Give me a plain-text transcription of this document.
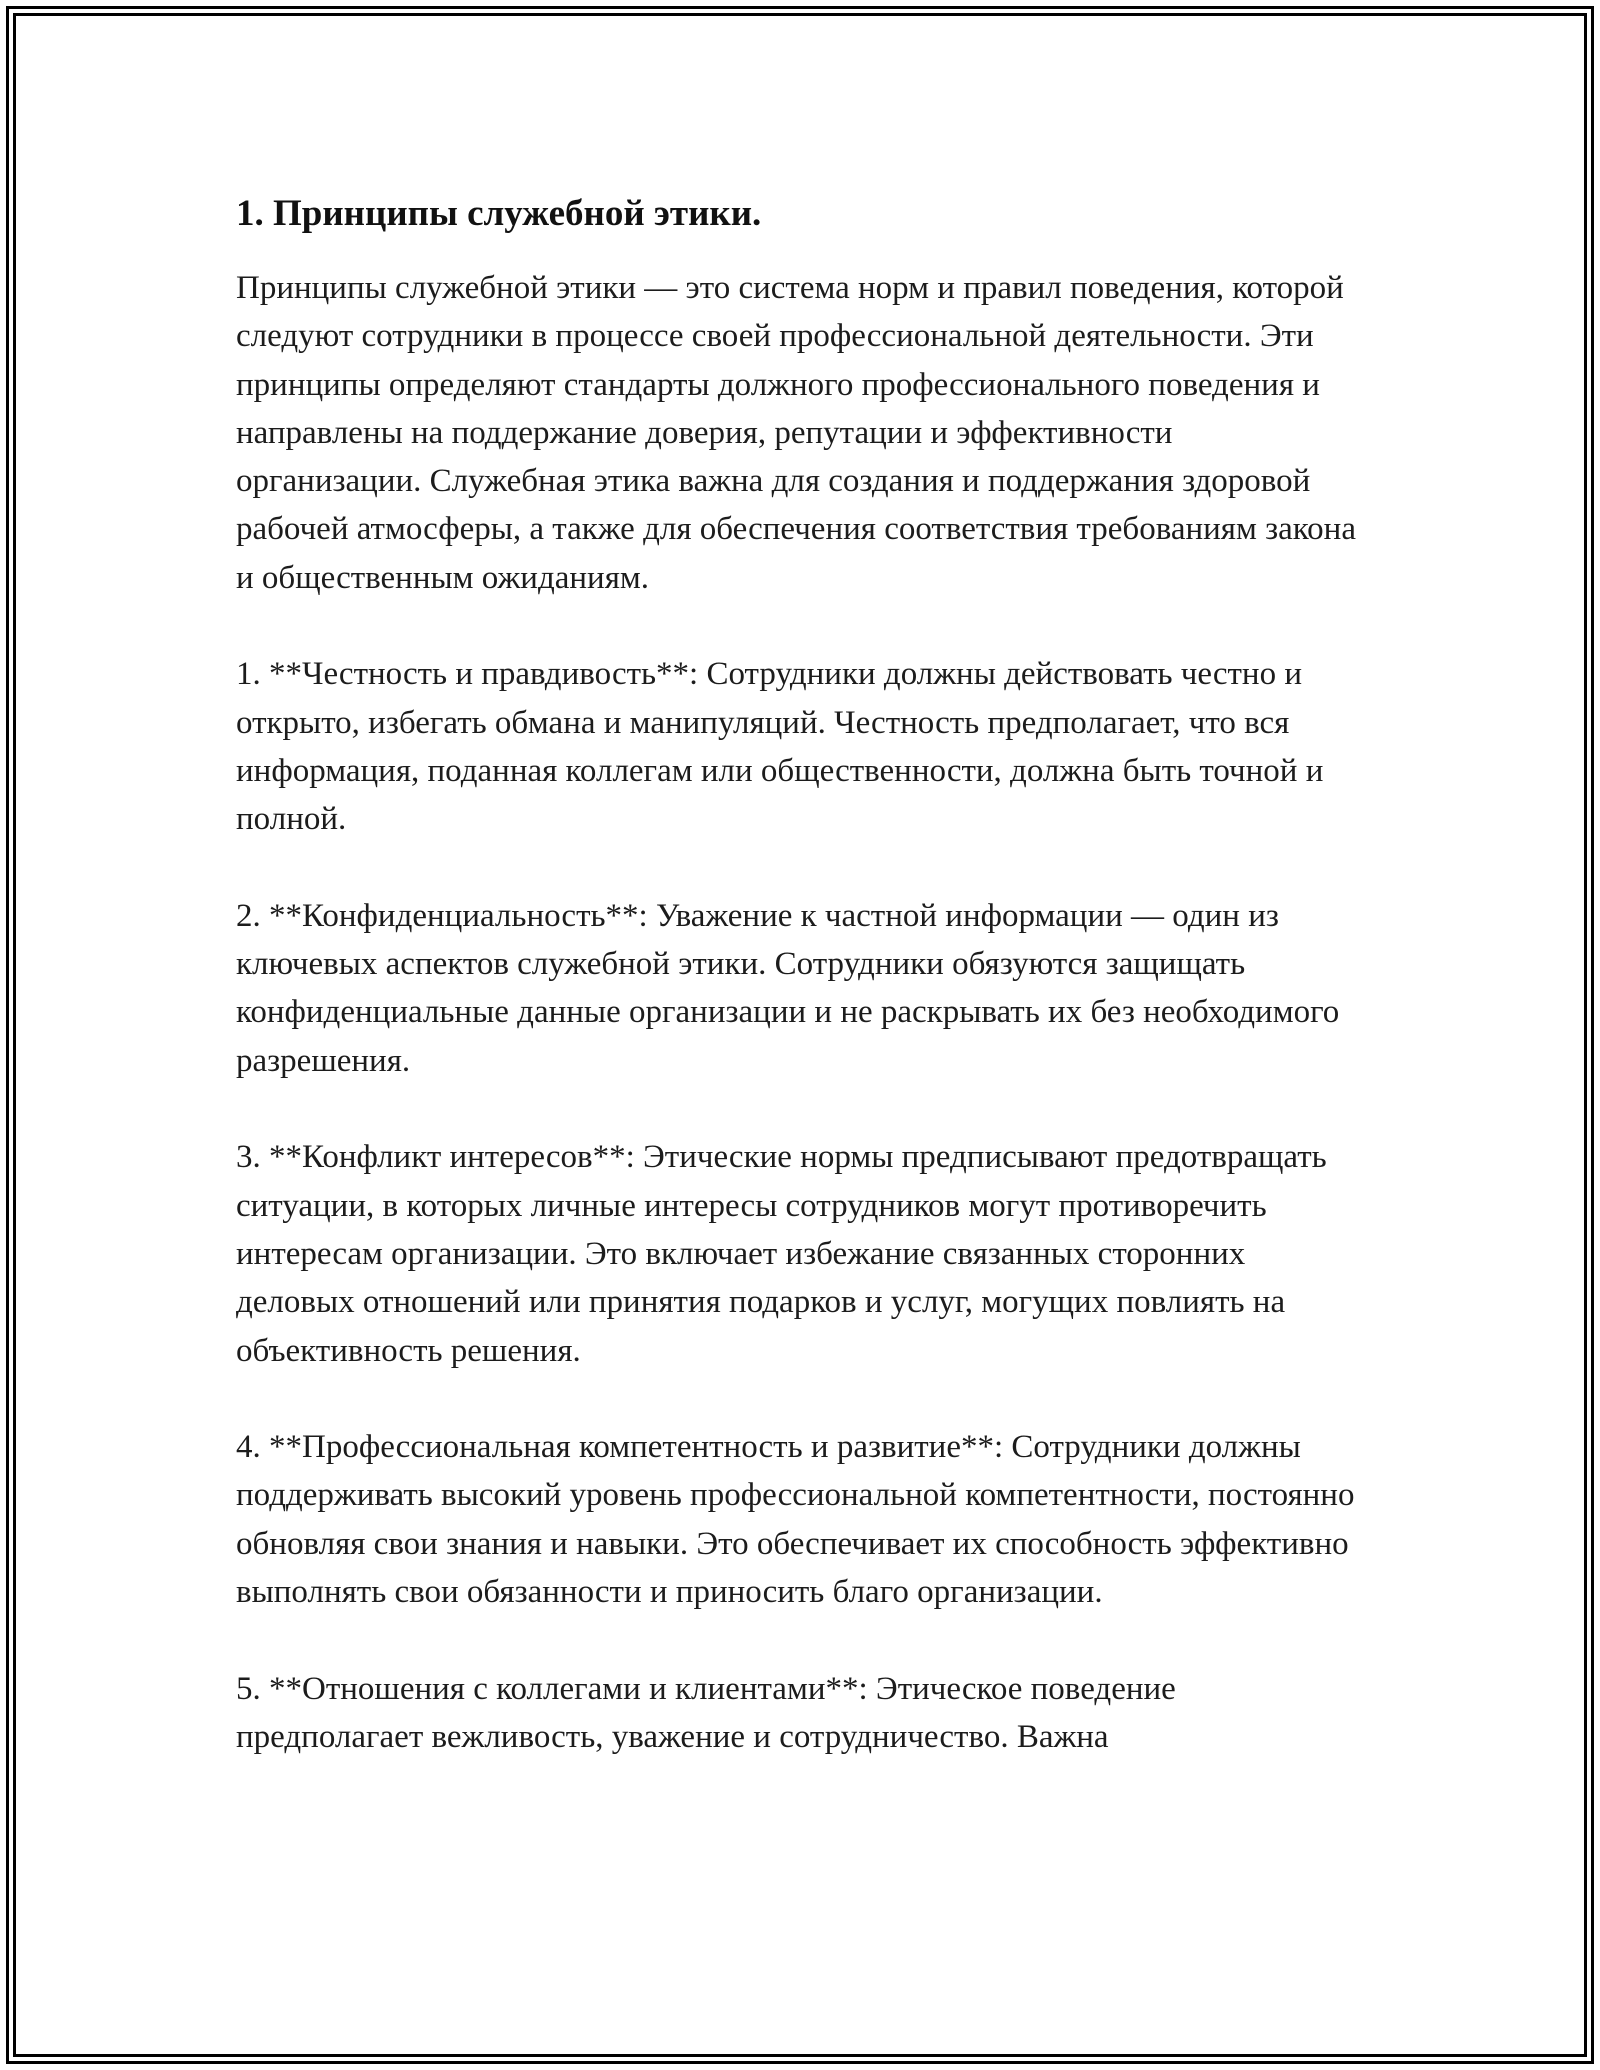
1. Принципы служебной этики.

Принципы служебной этики — это система норм и правил поведения, которой следуют сотрудники в процессе своей профессиональной деятельности. Эти принципы определяют стандарты должного профессионального поведения и направлены на поддержание доверия, репутации и эффективности организации. Служебная этика важна для создания и поддержания здоровой рабочей атмосферы, а также для обеспечения соответствия требованиям закона и общественным ожиданиям.

1. **Честность и правдивость**: Сотрудники должны действовать честно и открыто, избегать обмана и манипуляций. Честность предполагает, что вся информация, поданная коллегам или общественности, должна быть точной и полной.

2. **Конфиденциальность**: Уважение к частной информации — один из ключевых аспектов служебной этики. Сотрудники обязуются защищать конфиденциальные данные организации и не раскрывать их без необходимого разрешения.

3. **Конфликт интересов**: Этические нормы предписывают предотвращать ситуации, в которых личные интересы сотрудников могут противоречить интересам организации. Это включает избежание связанных сторонних деловых отношений или принятия подарков и услуг, могущих повлиять на объективность решения.

4. **Профессиональная компетентность и развитие**: Сотрудники должны поддерживать высокий уровень профессиональной компетентности, постоянно обновляя свои знания и навыки. Это обеспечивает их способность эффективно выполнять свои обязанности и приносить благо организации.

5. **Отношения с коллегами и клиентами**: Этическое поведение предполагает вежливость, уважение и сотрудничество. Важна
